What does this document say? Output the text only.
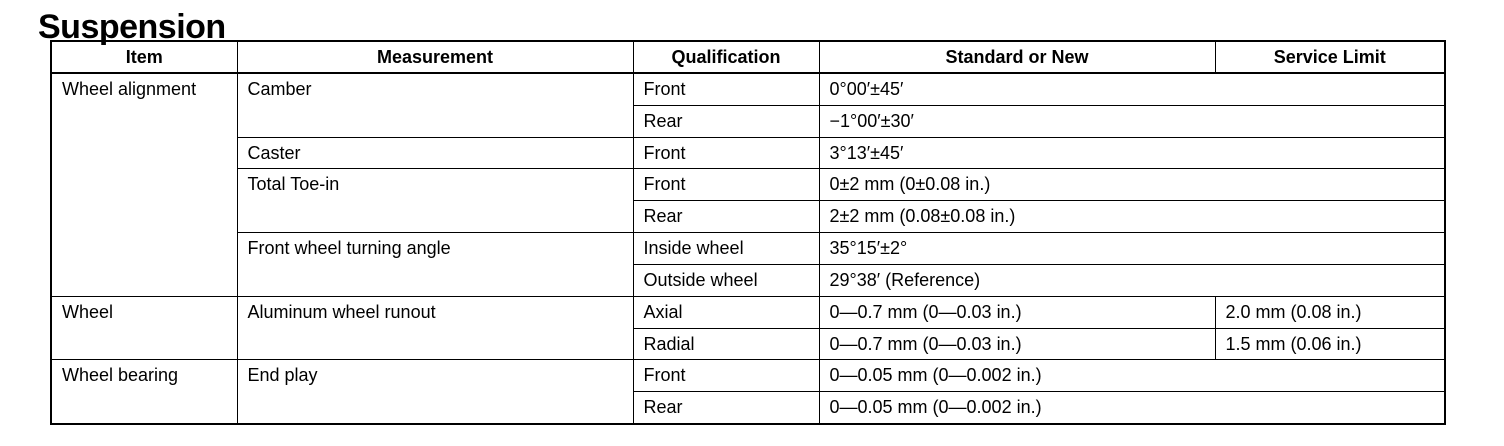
Suspension
Item	Measurement	Qualification	Standard or New	Service Limit
Wheel alignment	Camber	Front	0°00′±45′	
		Rear	−1°00′±30′	
	Caster	Front	3°13′±45′	
	Total Toe-in	Front	0±2 mm (0±0.08 in.)	
		Rear	2±2 mm (0.08±0.08 in.)	
	Front wheel turning angle	Inside wheel	35°15′±2°	
		Outside wheel	29°38′ (Reference)	
Wheel	Aluminum wheel runout	Axial	0—0.7 mm (0—0.03 in.)	2.0 mm (0.08 in.)
		Radial	0—0.7 mm (0—0.03 in.)	1.5 mm (0.06 in.)
Wheel bearing	End play	Front	0—0.05 mm (0—0.002 in.)	
		Rear	0—0.05 mm (0—0.002 in.)	
